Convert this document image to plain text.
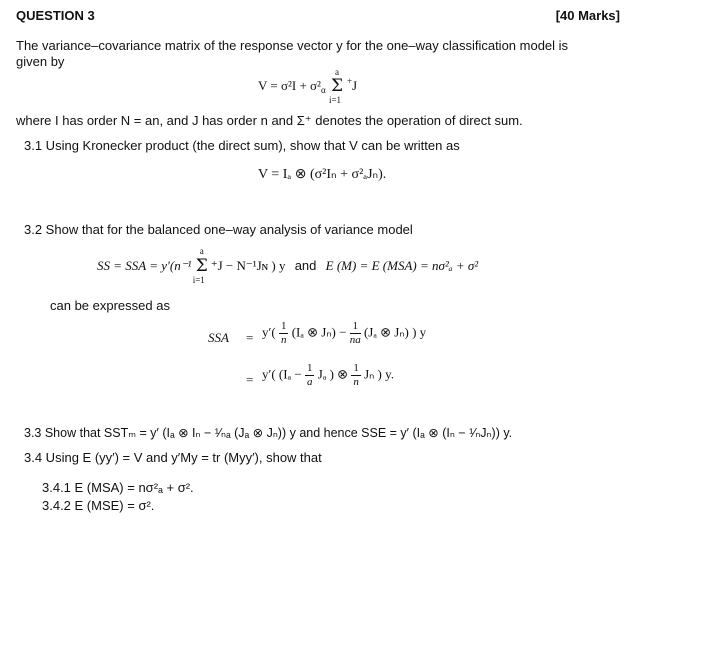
QUESTION 3	[40 Marks]
The variance–covariance matrix of the response vector y for the one–way classification model is
given by
$V = \sigma^2I + \sigma^2_\alpha$
a
Σ
i=1
+J
where I has order N = an, and J has order n and Σ⁺ denotes the operation of direct sum.
3.1 Using Kronecker product (the direct sum), show that V can be written as
V = Iₐ ⊗ (σ²Iₙ + σ²ₐJₙ).
3.2 Show that for the balanced one–way analysis of variance model
SS = SSA = y′(n⁻¹
a
Σ
i=1
⁺J − N⁻¹Jɴ ) y and E (M) = E (MSA) = nσ²ₐ + σ²
can be expressed as
SSA = $y'( \frac{1}{n} (I_a$ ⊗ $J_n) - \frac{1}{na} (J_a$ ⊗ Jₙ) ) y
= y′( ($I_a - \frac{1}{a}$ Jₐ ) ⊗ $\frac{1}{n}$ Jₙ ) y.
3.3 Show that SSTₘ = y′ (Iₐ ⊗ Iₙ − ¹⁄ₙₐ (Jₐ ⊗ Jₙ)) y and hence SSE = y′ (Iₐ ⊗ (Iₙ − ¹⁄ₙJₙ)) y.
3.4 Using E (yy′) = V and y′My = tr (Myy′), show that
3.4.1 E (MSA) = nσ²ₐ + σ².
3.4.2 E (MSE) = σ².
